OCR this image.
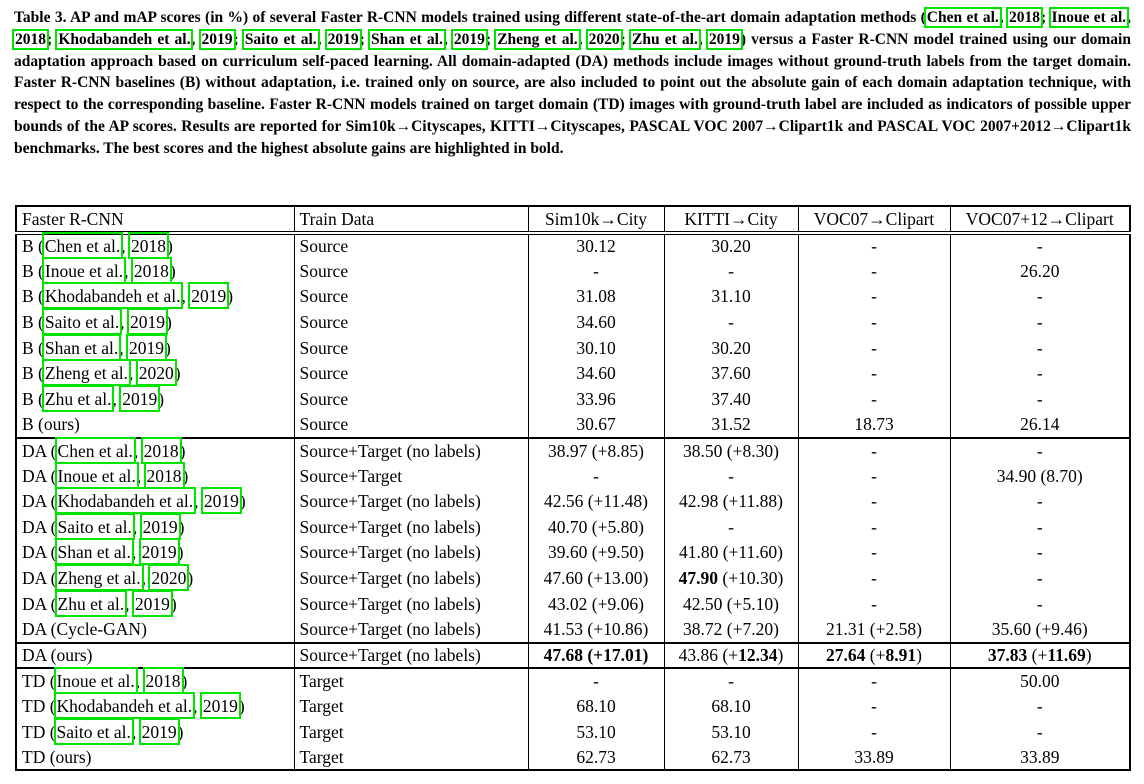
Table 3. AP and mAP scores (in %) of several Faster R-CNN models trained using different state-of-the-art domain adaptation methods (Chen et al., 2018; Inoue et al., 2018; Khodabandeh et al., 2019; Saito et al., 2019; Shan et al., 2019; Zheng et al., 2020; Zhu et al., 2019) versus a Faster R-CNN model trained using our domain adaptation approach based on curriculum self-paced learning. All domain-adapted (DA) methods include images without ground-truth labels from the target domain. Faster R-CNN baselines (B) without adaptation, i.e. trained only on source, are also included to point out the absolute gain of each domain adaptation technique, with respect to the corresponding baseline. Faster R-CNN models trained on target domain (TD) images with ground-truth label are included as indicators of possible upper bounds of the AP scores. Results are reported for Sim10k→Cityscapes, KITTI→Cityscapes, PASCAL VOC 2007→Clipart1k and PASCAL VOC 2007+2012→Clipart1k benchmarks. The best scores and the highest absolute gains are highlighted in bold.

Faster R-CNN	Train Data	Sim10k→City	KITTI→City	VOC07→Clipart	VOC07+12→Clipart
B (Chen et al., 2018)	Source	30.12	30.20	-	-
B (Inoue et al., 2018)	Source	-	-	-	26.20
B (Khodabandeh et al., 2019)	Source	31.08	31.10	-	-
B (Saito et al., 2019)	Source	34.60	-	-	-
B (Shan et al., 2019)	Source	30.10	30.20	-	-
B (Zheng et al., 2020)	Source	34.60	37.60	-	-
B (Zhu et al., 2019)	Source	33.96	37.40	-	-
B (ours)	Source	30.67	31.52	18.73	26.14
DA (Chen et al., 2018)	Source+Target (no labels)	38.97 (+8.85)	38.50 (+8.30)	-	-
DA (Inoue et al., 2018)	Source+Target	-	-	-	34.90 (8.70)
DA (Khodabandeh et al., 2019)	Source+Target (no labels)	42.56 (+11.48)	42.98 (+11.88)	-	-
DA (Saito et al., 2019)	Source+Target (no labels)	40.70 (+5.80)	-	-	-
DA (Shan et al., 2019)	Source+Target (no labels)	39.60 (+9.50)	41.80 (+11.60)	-	-
DA (Zheng et al., 2020)	Source+Target (no labels)	47.60 (+13.00)	47.90 (+10.30)	-	-
DA (Zhu et al., 2019)	Source+Target (no labels)	43.02 (+9.06)	42.50 (+5.10)	-	-
DA (Cycle-GAN)	Source+Target (no labels)	41.53 (+10.86)	38.72 (+7.20)	21.31 (+2.58)	35.60 (+9.46)
DA (ours)	Source+Target (no labels)	47.68 (+17.01)	43.86 (+12.34)	27.64 (+8.91)	37.83 (+11.69)
TD (Inoue et al., 2018)	Target	-	-	-	50.00
TD (Khodabandeh et al., 2019)	Target	68.10	68.10	-	-
TD (Saito et al., 2019)	Target	53.10	53.10	-	-
TD (ours)	Target	62.73	62.73	33.89	33.89
